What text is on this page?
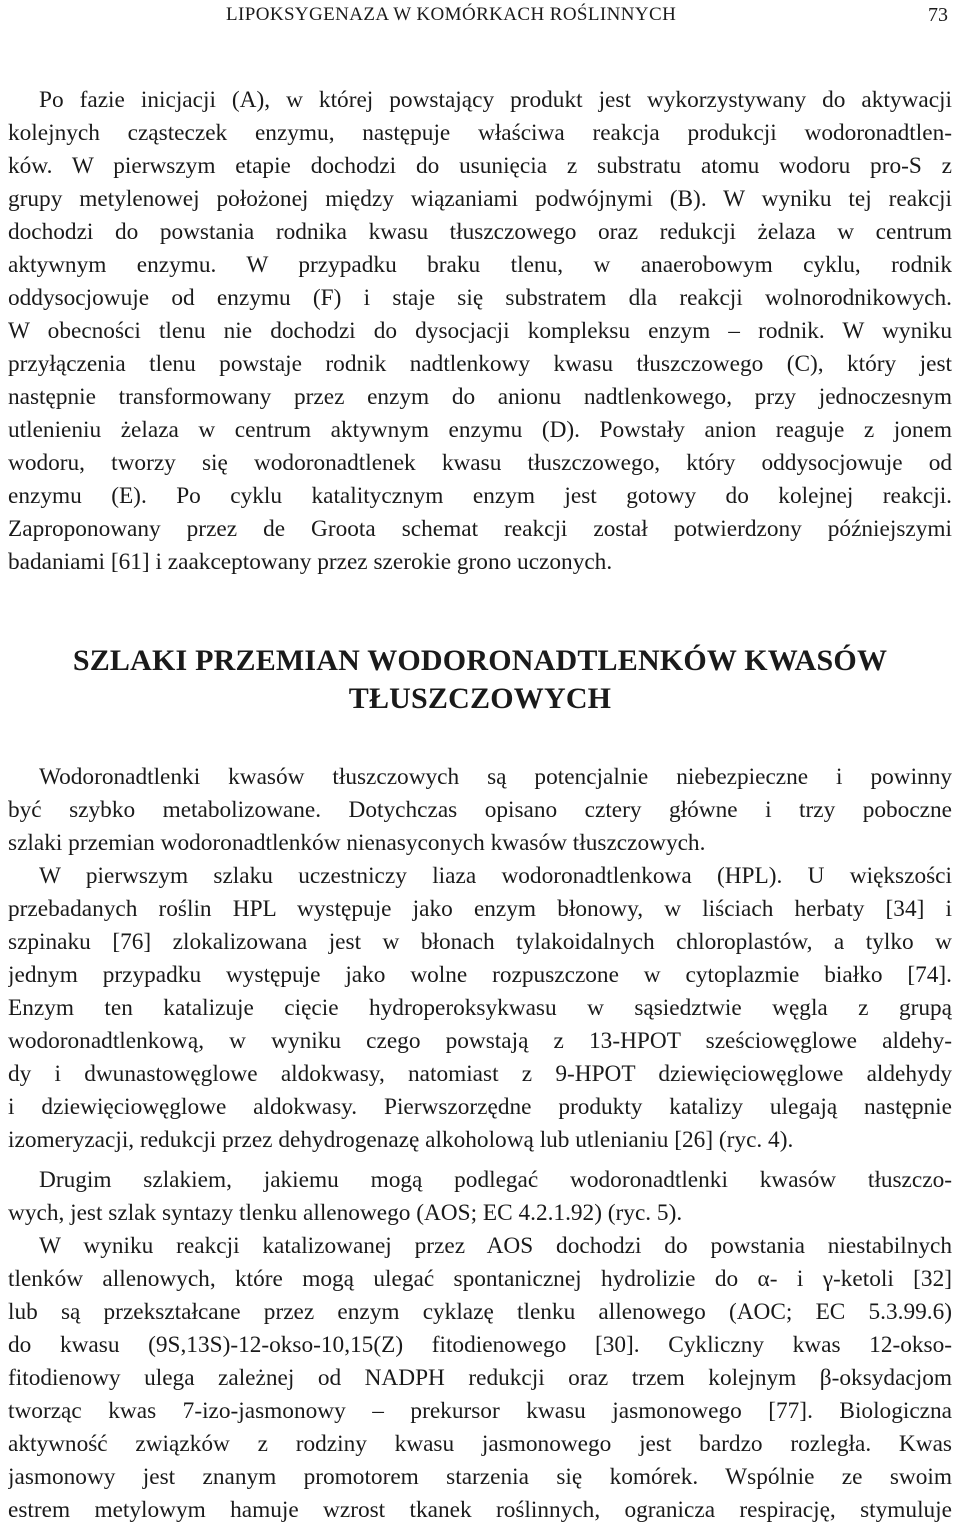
LIPOKSYGENAZA W KOMÓRKACH ROŚLINNYCH	73
Po fazie inicjacji (A), w której powstający produkt jest wykorzystywany do aktywacji
kolejnych cząsteczek enzymu, następuje właściwa reakcja produkcji wodoronadtlen-
ków. W pierwszym etapie dochodzi do usunięcia z substratu atomu wodoru pro-S z
grupy metylenowej położonej między wiązaniami podwójnymi (B). W wyniku tej reakcji
dochodzi do powstania rodnika kwasu tłuszczowego oraz redukcji żelaza w centrum
aktywnym enzymu. W przypadku braku tlenu, w anaerobowym cyklu, rodnik
oddysocjowuje od enzymu (F) i staje się substratem dla reakcji wolnorodnikowych.
W obecności tlenu nie dochodzi do dysocjacji kompleksu enzym – rodnik. W wyniku
przyłączenia tlenu powstaje rodnik nadtlenkowy kwasu tłuszczowego (C), który jest
następnie transformowany przez enzym do anionu nadtlenkowego, przy jednoczesnym
utlenieniu żelaza w centrum aktywnym enzymu (D). Powstały anion reaguje z jonem
wodoru, tworzy się wodoronadtlenek kwasu tłuszczowego, który oddysocjowuje od
enzymu (E). Po cyklu katalitycznym enzym jest gotowy do kolejnej reakcji.
Zaproponowany przez de Groota schemat reakcji został potwierdzony późniejszymi
badaniami [61] i zaakceptowany przez szerokie grono uczonych.
SZLAKI PRZEMIAN WODORONADTLENKÓW KWASÓW
TŁUSZCZOWYCH
Wodoronadtlenki kwasów tłuszczowych są potencjalnie niebezpieczne i powinny
być szybko metabolizowane. Dotychczas opisano cztery główne i trzy poboczne
szlaki przemian wodoronadtlenków nienasyconych kwasów tłuszczowych.
W pierwszym szlaku uczestniczy liaza wodoronadtlenkowa (HPL). U większości
przebadanych roślin HPL występuje jako enzym błonowy, w liściach herbaty [34] i
szpinaku [76] zlokalizowana jest w błonach tylakoidalnych chloroplastów, a tylko w
jednym przypadku występuje jako wolne rozpuszczone w cytoplazmie białko [74].
Enzym ten katalizuje cięcie hydroperoksykwasu w sąsiedztwie węgla z grupą
wodoronadtlenkową, w wyniku czego powstają z 13-HPOT sześciowęglowe aldehy-
dy i dwunastowęglowe aldokwasy, natomiast z 9-HPOT dziewięciowęglowe aldehydy
i dziewięciowęglowe aldokwasy. Pierwszorzędne produkty katalizy ulegają następnie
izomeryzacji, redukcji przez dehydrogenazę alkoholową lub utlenianiu [26] (ryc. 4).
Drugim szlakiem, jakiemu mogą podlegać wodoronadtlenki kwasów tłuszczo-
wych, jest szlak syntazy tlenku allenowego (AOS; EC 4.2.1.92) (ryc. 5).
W wyniku reakcji katalizowanej przez AOS dochodzi do powstania niestabilnych
tlenków allenowych, które mogą ulegać spontanicznej hydrolizie do α- i γ-ketoli [32]
lub są przekształcane przez enzym cyklazę tlenku allenowego (AOC; EC 5.3.99.6)
do kwasu (9S,13S)-12-okso-10,15(Z) fitodienowego [30]. Cykliczny kwas 12-okso-
fitodienowy ulega zależnej od NADPH redukcji oraz trzem kolejnym β-oksydacjom
tworząc kwas 7-izo-jasmonowy – prekursor kwasu jasmonowego [77]. Biologiczna
aktywność związków z rodziny kwasu jasmonowego jest bardzo rozległa. Kwas
jasmonowy jest znanym promotorem starzenia się komórek. Wspólnie ze swoim
estrem metylowym hamuje wzrost tkanek roślinnych, ogranicza respirację, stymuluje
